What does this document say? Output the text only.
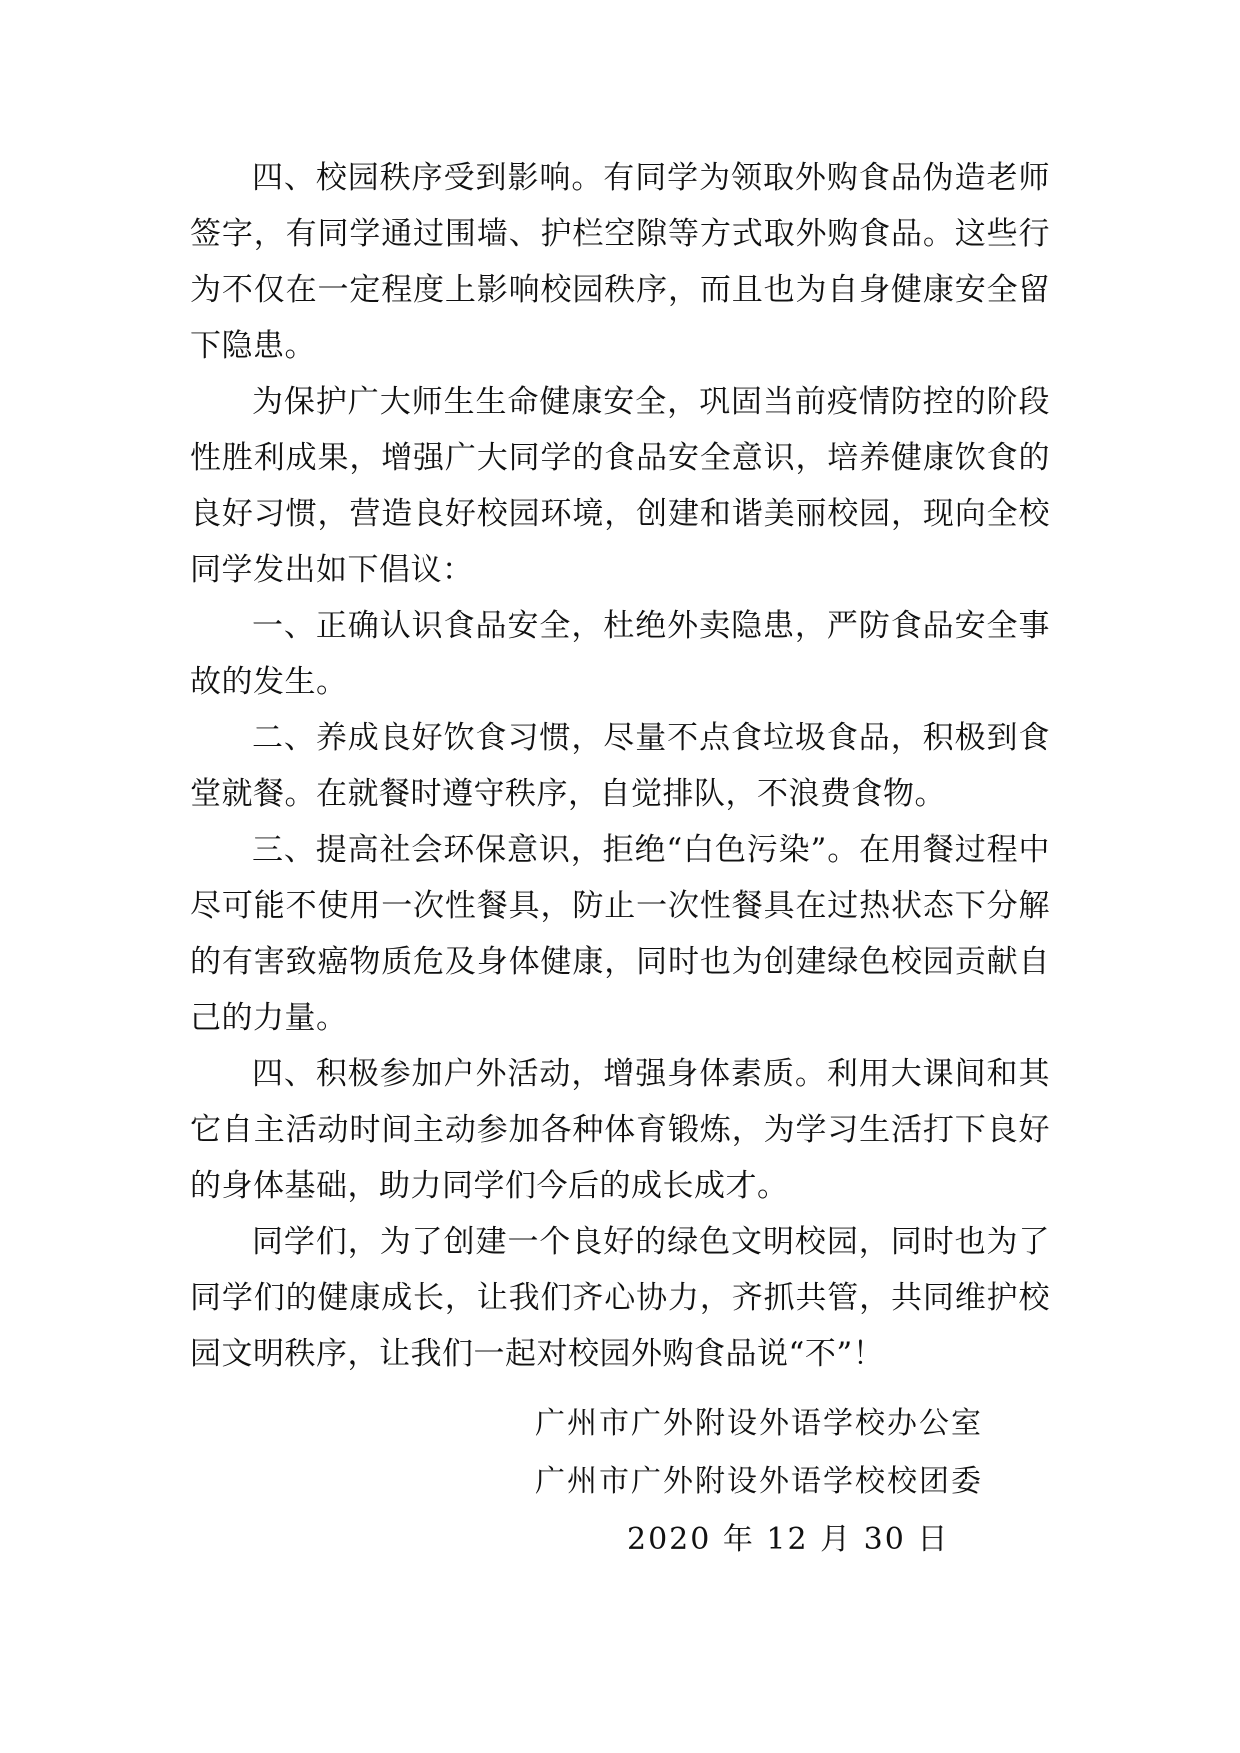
四、校园秩序受到影响。有同学为领取外购食品伪造老师签字，有同学通过围墙、护栏空隙等方式取外购食品。这些行为不仅在一定程度上影响校园秩序，而且也为自身健康安全留下隐患。

为保护广大师生生命健康安全，巩固当前疫情防控的阶段性胜利成果，增强广大同学的食品安全意识，培养健康饮食的良好习惯，营造良好校园环境，创建和谐美丽校园，现向全校同学发出如下倡议：

一、正确认识食品安全，杜绝外卖隐患，严防食品安全事故的发生。

二、养成良好饮食习惯，尽量不点食垃圾食品，积极到食堂就餐。在就餐时遵守秩序，自觉排队，不浪费食物。

三、提高社会环保意识，拒绝“白色污染”。在用餐过程中尽可能不使用一次性餐具，防止一次性餐具在过热状态下分解的有害致癌物质危及身体健康，同时也为创建绿色校园贡献自己的力量。

四、积极参加户外活动，增强身体素质。利用大课间和其它自主活动时间主动参加各种体育锻炼，为学习生活打下良好的身体基础，助力同学们今后的成长成才。

同学们，为了创建一个良好的绿色文明校园，同时也为了同学们的健康成长，让我们齐心协力，齐抓共管，共同维护校园文明秩序，让我们一起对校园外购食品说“不”！

广州市广外附设外语学校办公室
广州市广外附设外语学校校团委
2020 年 12 月 30 日
